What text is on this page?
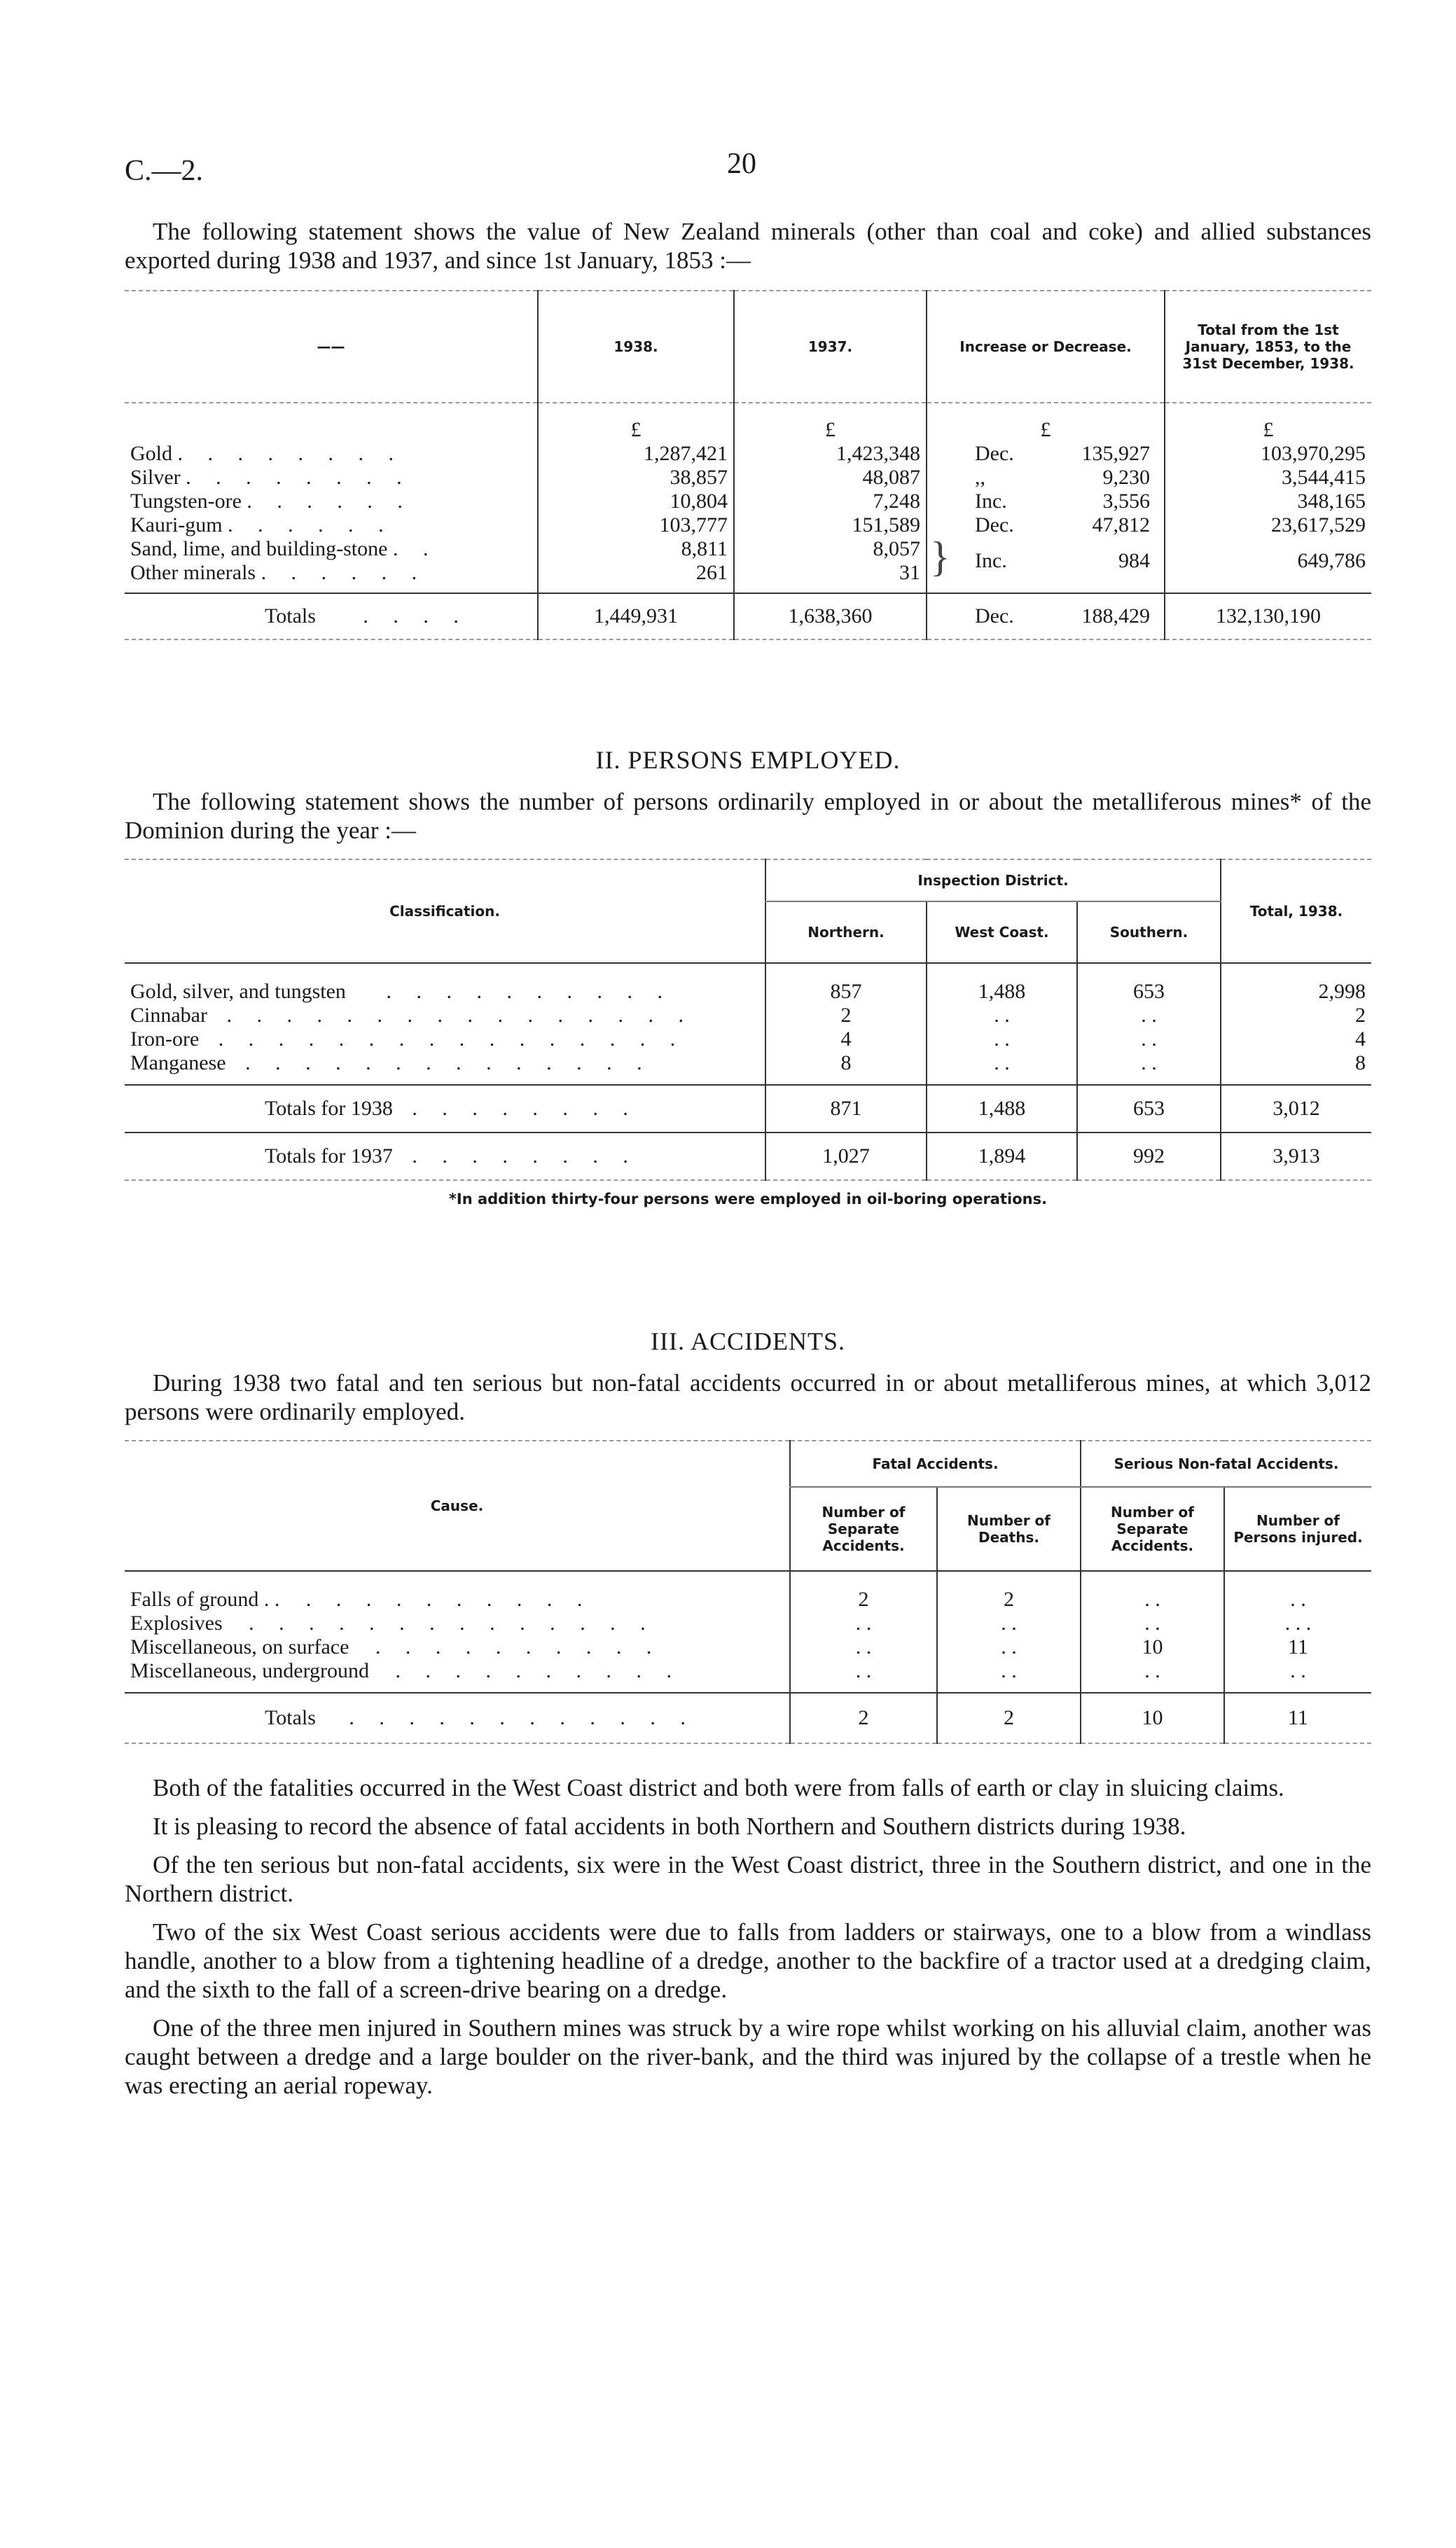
C.—2.	20

The following statement shows the value of New Zealand minerals (other than coal and coke) and allied substances exported during 1938 and 1937, and since 1st January, 1853 :—

——	1938.	1937.	Increase or Decrease.	Total from the 1st January, 1853, to the 31st December, 1938.
	£	£	£	£
Gold . . . . . . . .	1,287,421	1,423,348	Dec. 135,927	103,970,295
Silver . . . . . . . .	38,857	48,087	,, 9,230	3,544,415
Tungsten-ore . . . . . .	10,804	7,248	Inc. 3,556	348,165
Kauri-gum . . . . . .	103,777	151,589	Dec. 47,812	23,617,529
Sand, lime, and building-stone . .	8,811	8,057	} Inc. 984	649,786
Other minerals . . . . . .	261	31		

Totals . . . .	1,449,931	1,638,360	Dec. 188,429	132,130,190

II. PERSONS EMPLOYED.

The following statement shows the number of persons ordinarily employed in or about the metalliferous mines* of the Dominion during the year :—

Classification.	Inspection District.			Total, 1938.
	Northern.	West Coast.	Southern.	
Gold, silver, and tungsten . . . . . . . . . .	857	1,488	653	2,998
Cinnabar . . . . . . . . . . . . . . . .	2	. .	. .	2
Iron-ore . . . . . . . . . . . . . . . .	4	. .	. .	4
Manganese . . . . . . . . . . . . . .	8	. .	. .	8

Totals for 1938 . . . . . . . .	871	1,488	653	3,012
Totals for 1937 . . . . . . . .	1,027	1,894	992	3,913

*In addition thirty-four persons were employed in oil-boring operations.

III. ACCIDENTS.

During 1938 two fatal and ten serious but non-fatal accidents occurred in or about metalliferous mines, at which 3,012 persons were ordinarily employed.

Cause.	Fatal Accidents.		Serious Non-fatal Accidents.	
	Number of Separate Accidents.	Number of Deaths.	Number of Separate Accidents.	Number of Persons injured.
Falls of ground . . . . . . . . . . . .	2	2	. .	. .
Explosives . . . . . . . . . . . . . .	. .	. .	. .	. . .
Miscellaneous, on surface . . . . . . . . . .	. .	. .	10	11
Miscellaneous, underground . . . . . . . . . .	. .	. .	. .	. .

Totals . . . . . . . . . . . .	2	2	10	11

Both of the fatalities occurred in the West Coast district and both were from falls of earth or clay in sluicing claims.

It is pleasing to record the absence of fatal accidents in both Northern and Southern districts during 1938.

Of the ten serious but non-fatal accidents, six were in the West Coast district, three in the Southern district, and one in the Northern district.

Two of the six West Coast serious accidents were due to falls from ladders or stairways, one to a blow from a windlass handle, another to a blow from a tightening headline of a dredge, another to the backfire of a tractor used at a dredging claim, and the sixth to the fall of a screen-drive bearing on a dredge.

One of the three men injured in Southern mines was struck by a wire rope whilst working on his alluvial claim, another was caught between a dredge and a large boulder on the river-bank, and the third was injured by the collapse of a trestle when he was erecting an aerial ropeway.
